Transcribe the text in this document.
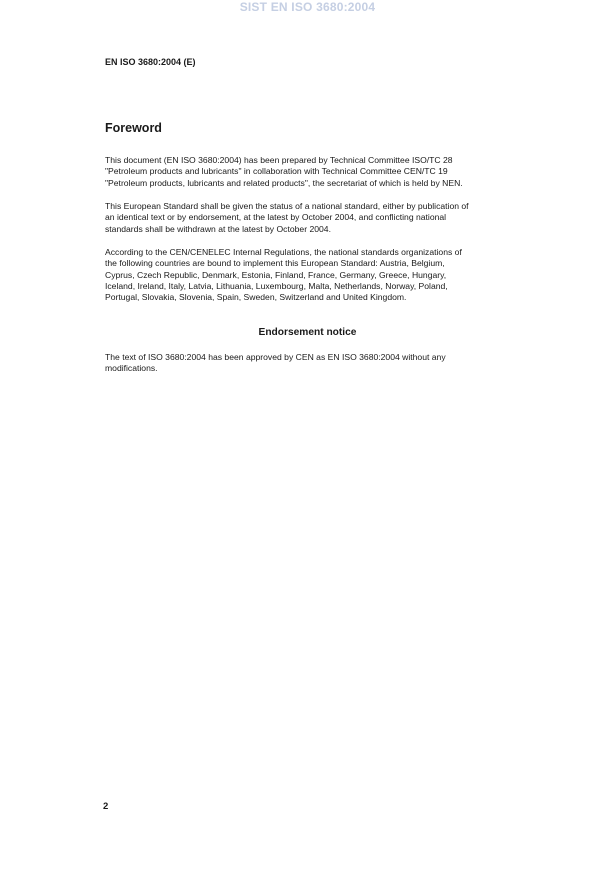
SIST EN ISO 3680:2004
EN ISO 3680:2004 (E)
Foreword
This document (EN ISO 3680:2004) has been prepared by Technical Committee ISO/TC 28
"Petroleum products and lubricants" in collaboration with Technical Committee CEN/TC 19
"Petroleum products, lubricants and related products", the secretariat of which is held by NEN.
This European Standard shall be given the status of a national standard, either by publication of
an identical text or by endorsement, at the latest by October 2004, and conflicting national
standards shall be withdrawn at the latest by October 2004.
According to the CEN/CENELEC Internal Regulations, the national standards organizations of
the following countries are bound to implement this European Standard: Austria, Belgium,
Cyprus, Czech Republic, Denmark, Estonia, Finland, France, Germany, Greece, Hungary,
Iceland, Ireland, Italy, Latvia, Lithuania, Luxembourg, Malta, Netherlands, Norway, Poland,
Portugal, Slovakia, Slovenia, Spain, Sweden, Switzerland and United Kingdom.
Endorsement notice
The text of ISO 3680:2004 has been approved by CEN as EN ISO 3680:2004 without any
modifications.
2
